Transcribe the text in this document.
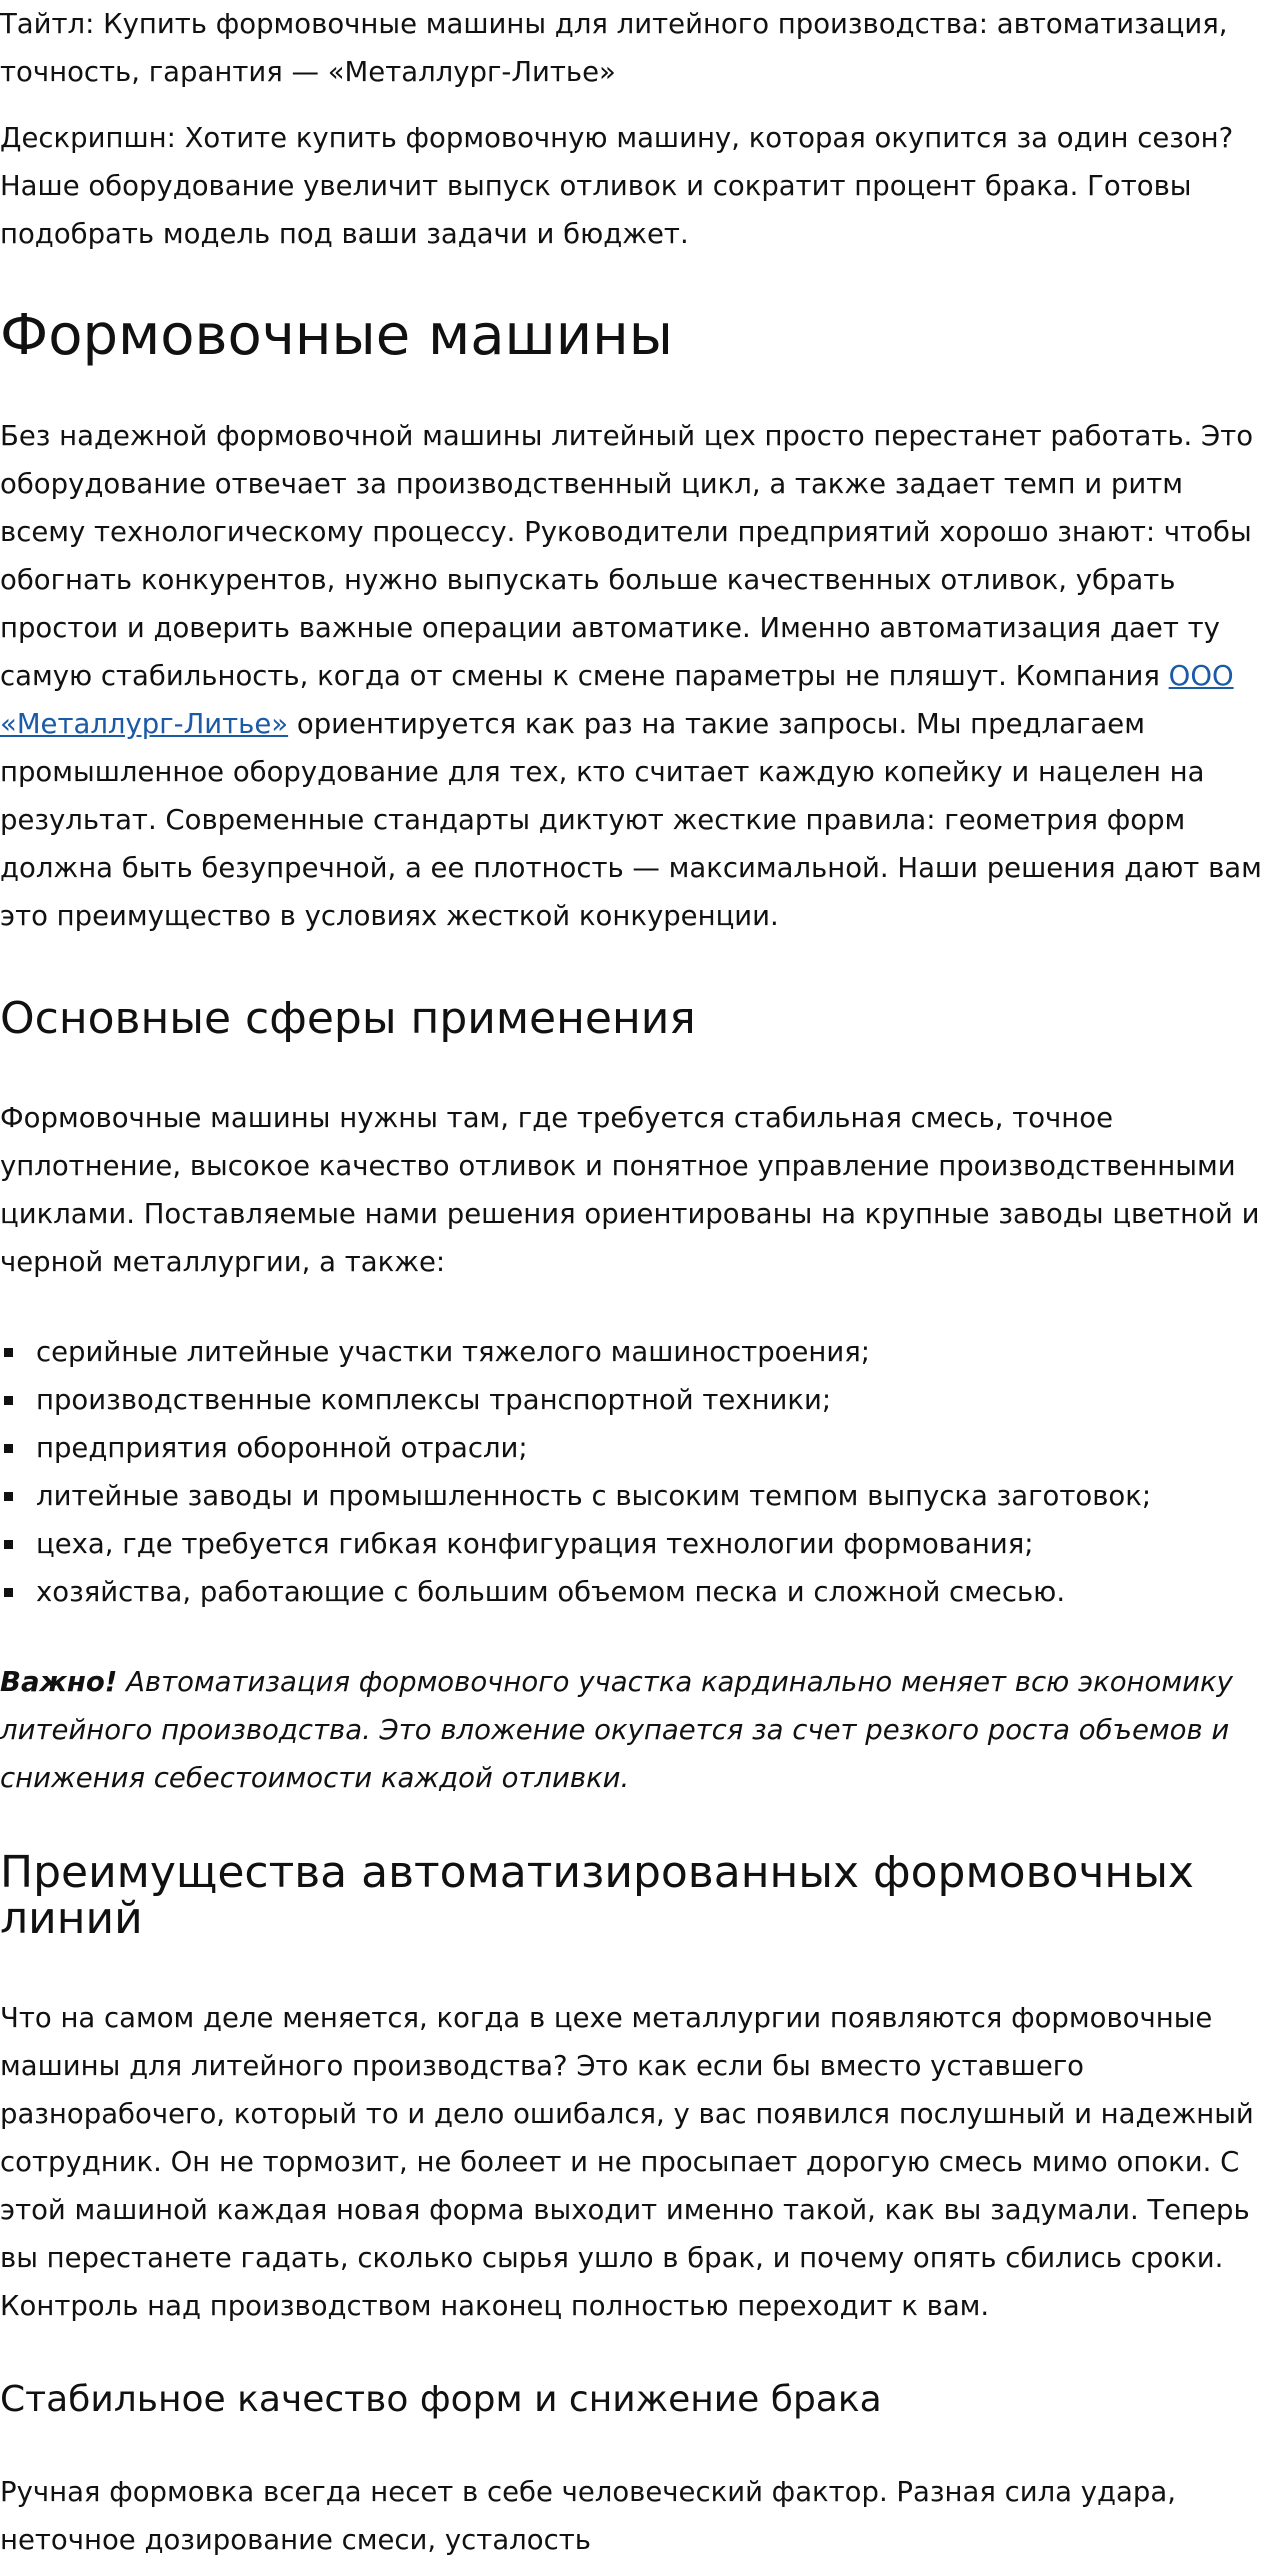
Тайтл: Купить формовочные машины для литейного производства: автоматизация, точность, гарантия — «Металлург-Литье»

Дескрипшн: Хотите купить формовочную машину, которая окупится за один сезон? Наше оборудование увеличит выпуск отливок и сократит процент брака. Готовы подобрать модель под ваши задачи и бюджет.

Формовочные машины

Без надежной формовочной машины литейный цех просто перестанет работать. Это оборудование отвечает за производственный цикл, а также задает темп и ритм всему технологическому процессу. Руководители предприятий хорошо знают: чтобы обогнать конкурентов, нужно выпускать больше качественных отливок, убрать простои и доверить важные операции автоматике. Именно автоматизация дает ту самую стабильность, когда от смены к смене параметры не пляшут. Компания ООО «Металлург-Литье» ориентируется как раз на такие запросы. Мы предлагаем промышленное оборудование для тех, кто считает каждую копейку и нацелен на результат. Современные стандарты диктуют жесткие правила: геометрия форм должна быть безупречной, а ее плотность — максимальной. Наши решения дают вам это преимущество в условиях жесткой конкуренции.

Основные сферы применения

Формовочные машины нужны там, где требуется стабильная смесь, точное уплотнение, высокое качество отливок и понятное управление производственными циклами. Поставляемые нами решения ориентированы на крупные заводы цветной и черной металлургии, а также:

серийные литейные участки тяжелого машиностроения;
производственные комплексы транспортной техники;
предприятия оборонной отрасли;
литейные заводы и промышленность с высоким темпом выпуска заготовок;
цеха, где требуется гибкая конфигурация технологии формования;
хозяйства, работающие с большим объемом песка и сложной смесью.

Важно! Автоматизация формовочного участка кардинально меняет всю экономику литейного производства. Это вложение окупается за счет резкого роста объемов и снижения себестоимости каждой отливки.

Преимущества автоматизированных формовочных линий

Что на самом деле меняется, когда в цехе металлургии появляются формовочные машины для литейного производства? Это как если бы вместо уставшего разнорабочего, который то и дело ошибался, у вас появился послушный и надежный сотрудник. Он не тормозит, не болеет и не просыпает дорогую смесь мимо опоки. С этой машиной каждая новая форма выходит именно такой, как вы задумали. Теперь вы перестанете гадать, сколько сырья ушло в брак, и почему опять сбились сроки. Контроль над производством наконец полностью переходит к вам.

Стабильное качество форм и снижение брака

Ручная формовка всегда несет в себе человеческий фактор. Разная сила удара, неточное дозирование смеси, усталость
